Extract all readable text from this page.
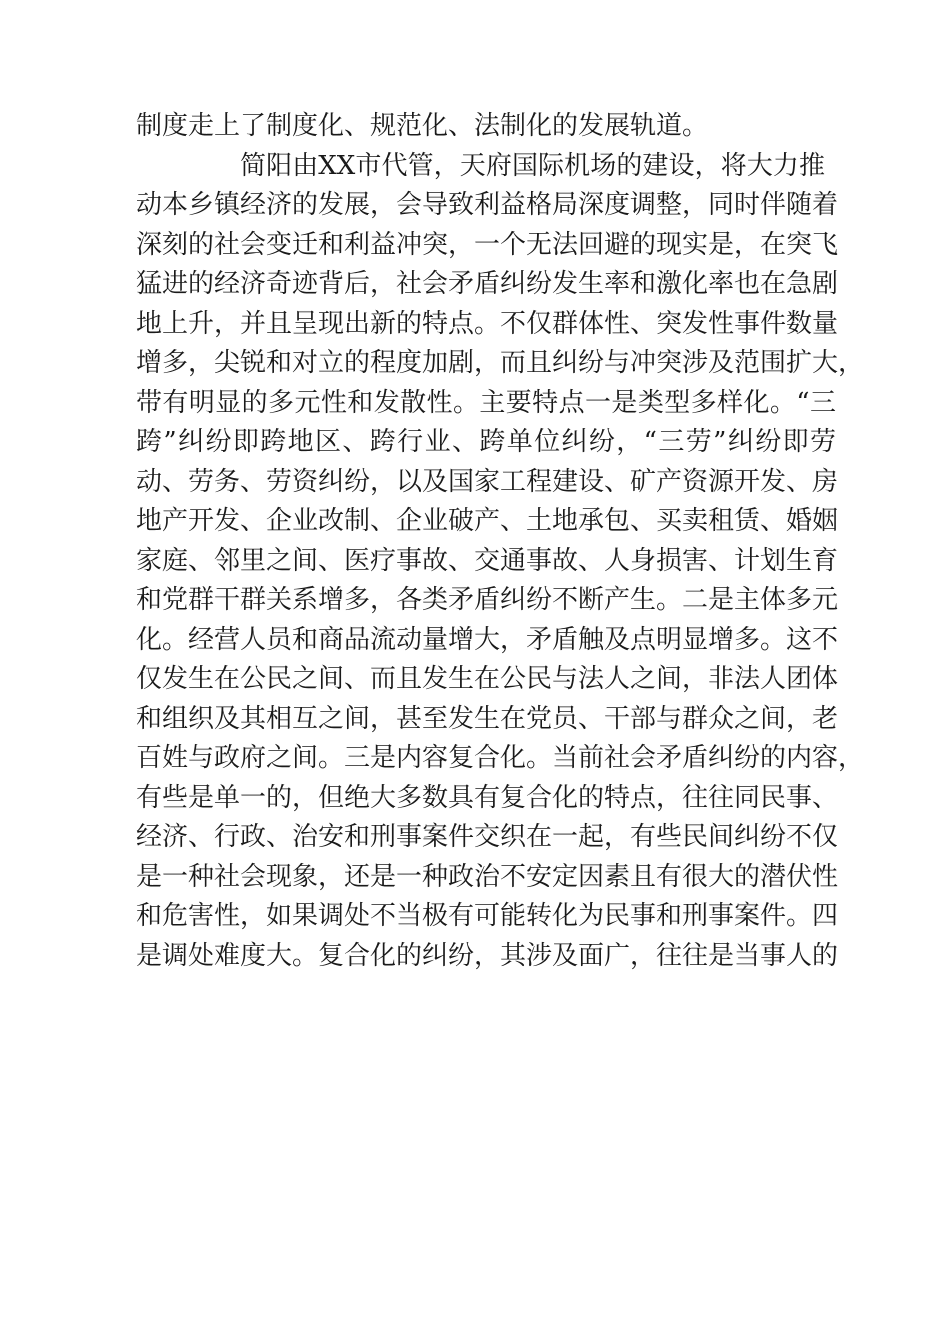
制度走上了制度化、规范化、法制化的发展轨道。
简阳由XX市代管，天府国际机场的建设，将大力推
动本乡镇经济的发展，会导致利益格局深度调整，同时伴随着
深刻的社会变迁和利益冲突，一个无法回避的现实是，在突飞
猛进的经济奇迹背后，社会矛盾纠纷发生率和激化率也在急剧
地上升，并且呈现出新的特点。不仅群体性、突发性事件数量
增多，尖锐和对立的程度加剧，而且纠纷与冲突涉及范围扩大，
带有明显的多元性和发散性。主要特点一是类型多样化。“三
跨”纠纷即跨地区、跨行业、跨单位纠纷，“三劳”纠纷即劳
动、劳务、劳资纠纷，以及国家工程建设、矿产资源开发、房
地产开发、企业改制、企业破产、土地承包、买卖租赁、婚姻
家庭、邻里之间、医疗事故、交通事故、人身损害、计划生育
和党群干群关系增多，各类矛盾纠纷不断产生。二是主体多元
化。经营人员和商品流动量增大，矛盾触及点明显增多。这不
仅发生在公民之间、而且发生在公民与法人之间，非法人团体
和组织及其相互之间，甚至发生在党员、干部与群众之间，老
百姓与政府之间。三是内容复合化。当前社会矛盾纠纷的内容，
有些是单一的，但绝大多数具有复合化的特点，往往同民事、
经济、行政、治安和刑事案件交织在一起，有些民间纠纷不仅
是一种社会现象，还是一种政治不安定因素且有很大的潜伏性
和危害性，如果调处不当极有可能转化为民事和刑事案件。四
是调处难度大。复合化的纠纷，其涉及面广，往往是当事人的
